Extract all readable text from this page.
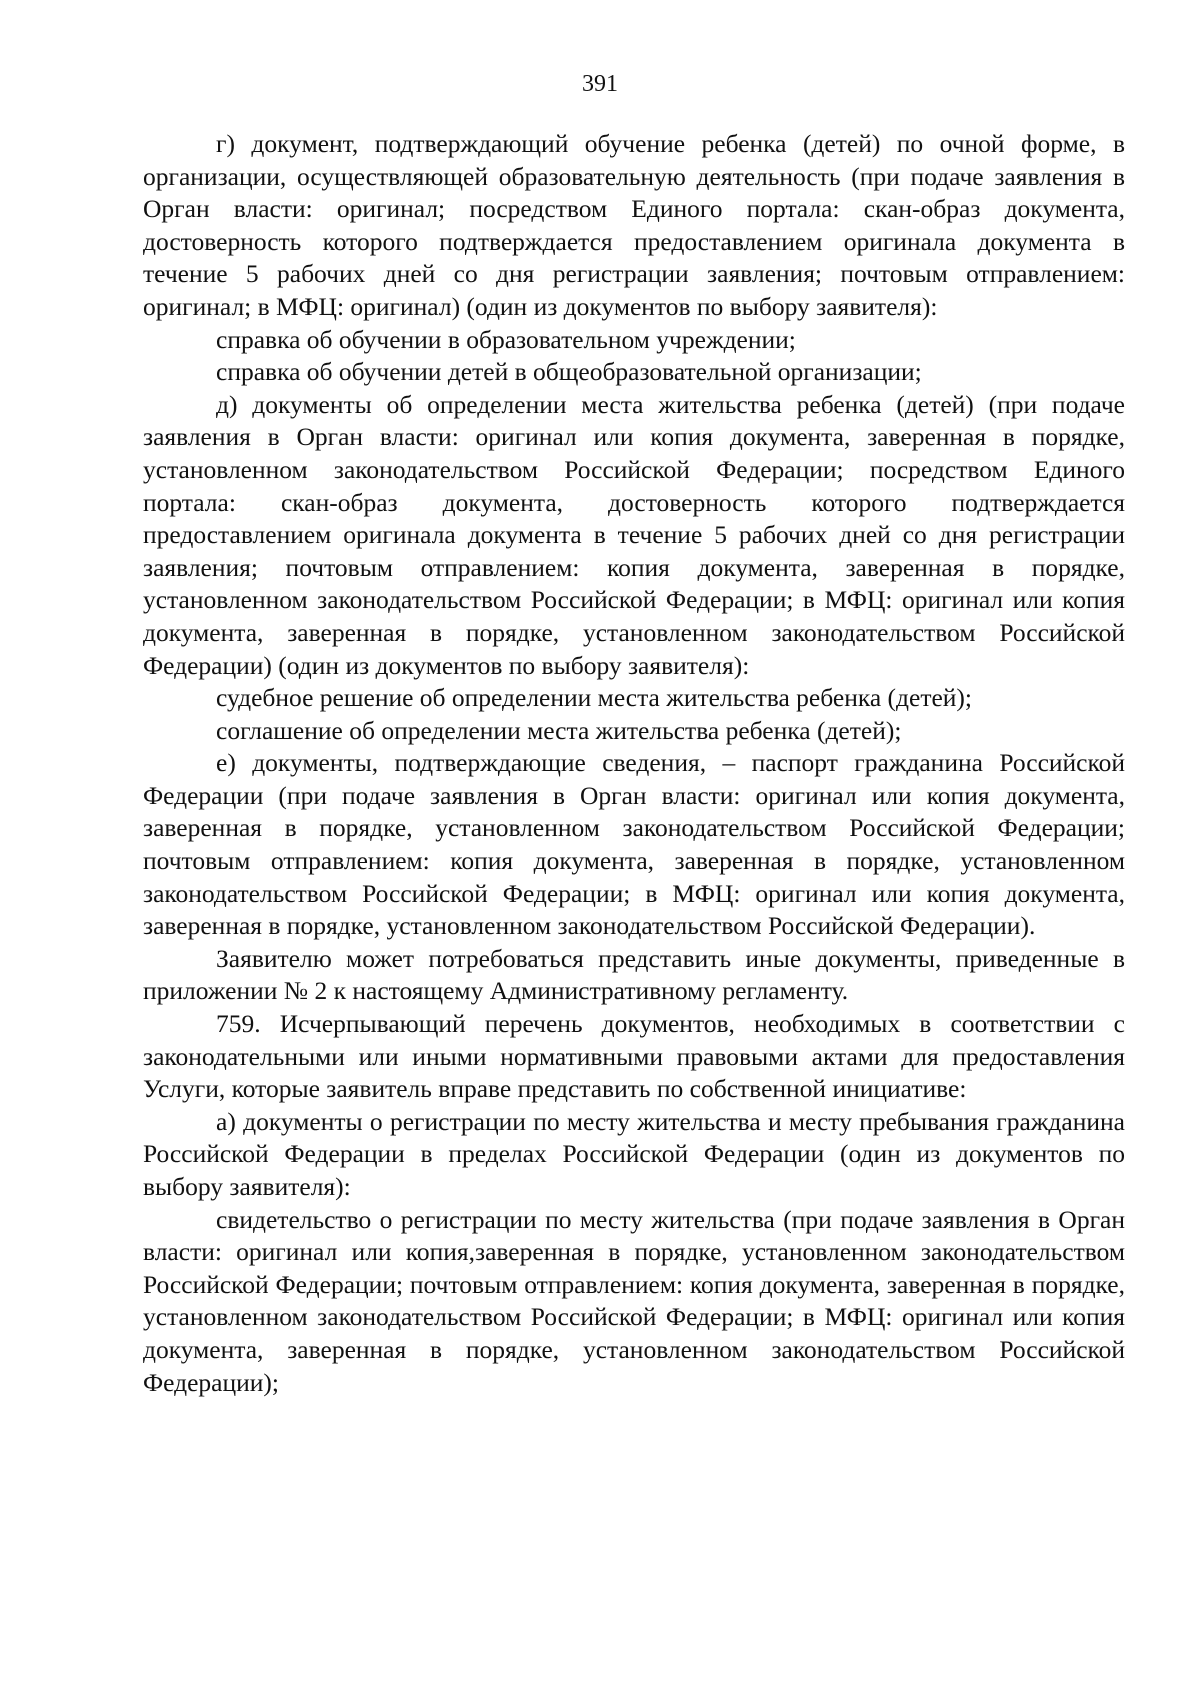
391

г) документ, подтверждающий обучение ребенка (детей) по очной форме, в организации, осуществляющей образовательную деятельность (при подаче заявления в Орган власти: оригинал; посредством Единого портала: скан-образ документа, достоверность которого подтверждается предоставлением оригинала документа в течение 5 рабочих дней со дня регистрации заявления; почтовым отправлением: оригинал; в МФЦ: оригинал) (один из документов по выбору заявителя):

справка об обучении в образовательном учреждении;

справка об обучении детей в общеобразовательной организации;

д) документы об определении места жительства ребенка (детей) (при подаче заявления в Орган власти: оригинал или копия документа, заверенная в порядке, установленном законодательством Российской Федерации; посредством Единого портала: скан-образ документа, достоверность которого подтверждается предоставлением оригинала документа в течение 5 рабочих дней со дня регистрации заявления; почтовым отправлением: копия документа, заверенная в порядке, установленном законодательством Российской Федерации; в МФЦ: оригинал или копия документа, заверенная в порядке, установленном законодательством Российской Федерации) (один из документов по выбору заявителя):

судебное решение об определении места жительства ребенка (детей);

соглашение об определении места жительства ребенка (детей);

е) документы, подтверждающие сведения, – паспорт гражданина Российской Федерации (при подаче заявления в Орган власти: оригинал или копия документа, заверенная в порядке, установленном законодательством Российской Федерации; почтовым отправлением: копия документа, заверенная в порядке, установленном законодательством Российской Федерации; в МФЦ: оригинал или копия документа, заверенная в порядке, установленном законодательством Российской Федерации).

Заявителю может потребоваться представить иные документы, приведенные в приложении № 2 к настоящему Административному регламенту.

759. Исчерпывающий перечень документов, необходимых в соответствии с законодательными или иными нормативными правовыми актами для предоставления Услуги, которые заявитель вправе представить по собственной инициативе:

а) документы о регистрации по месту жительства и месту пребывания гражданина Российской Федерации в пределах Российской Федерации (один из документов по выбору заявителя):

свидетельство о регистрации по месту жительства (при подаче заявления в Орган власти: оригинал или копия,заверенная в порядке, установленном законодательством Российской Федерации; почтовым отправлением: копия документа, заверенная в порядке, установленном законодательством Российской Федерации; в МФЦ: оригинал или копия документа, заверенная в порядке, установленном законодательством Российской Федерации);
